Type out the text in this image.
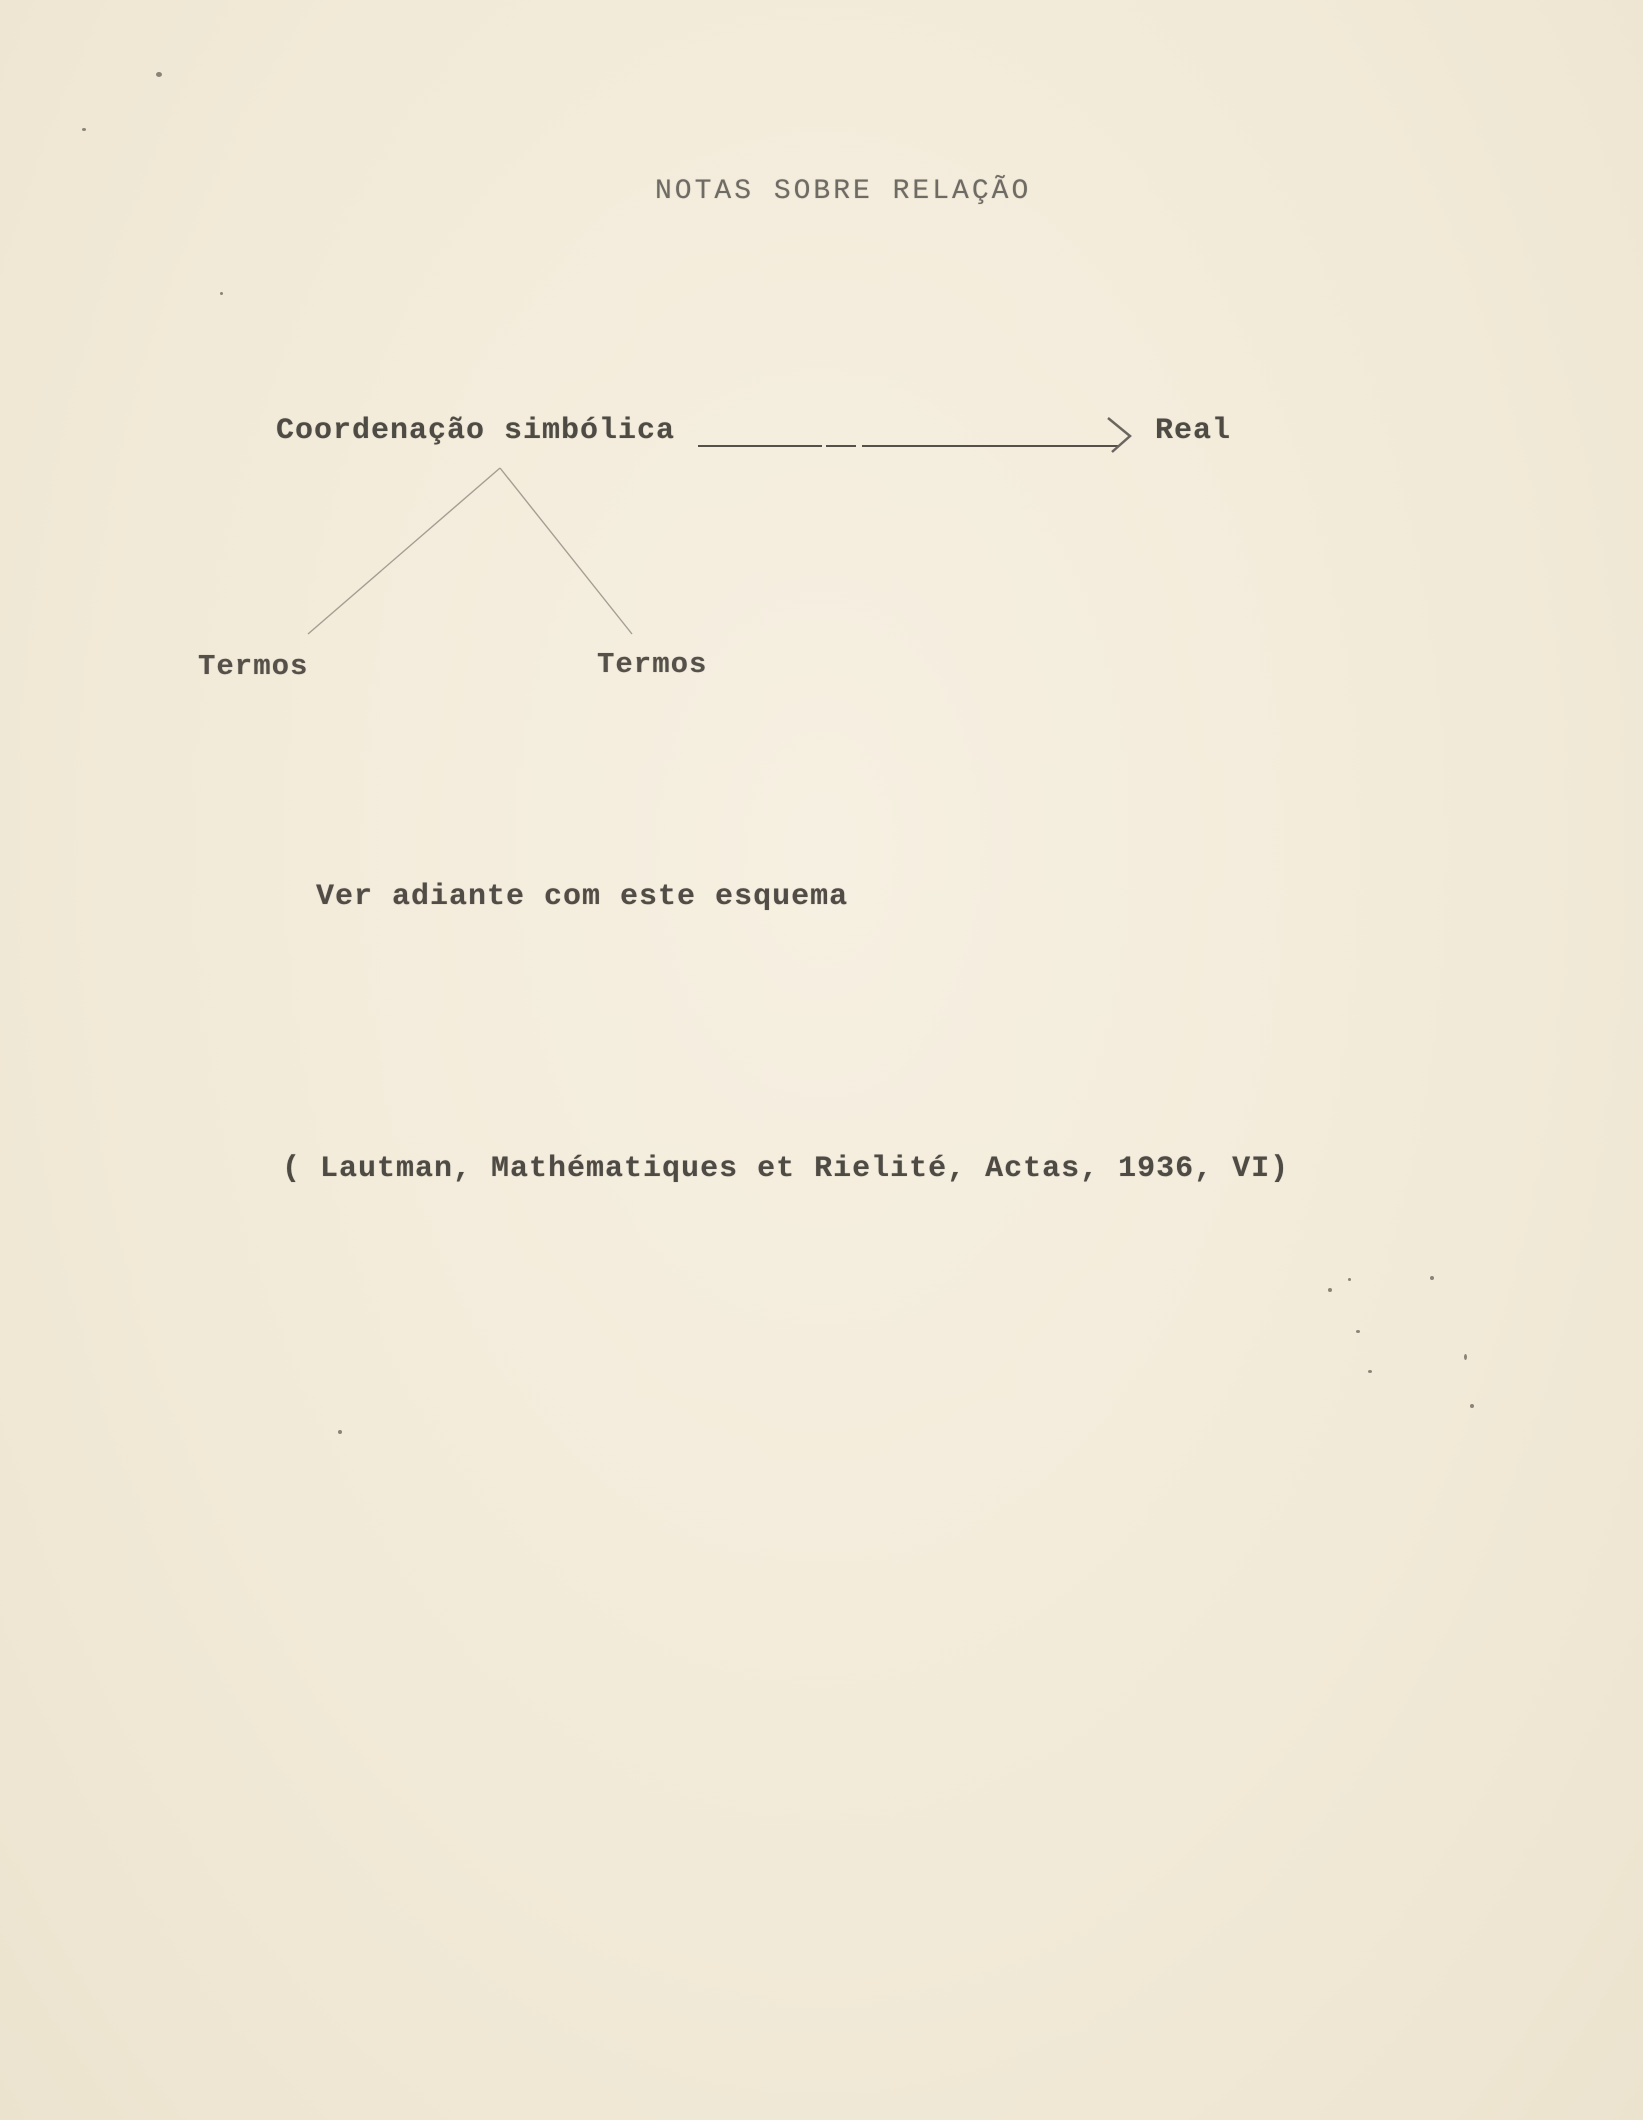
NOTAS SOBRE RELAÇÃO
Coordenação simbólica	Real
Termos	Termos
Ver adiante com este esquema
( Lautman, Mathématiques et Rielité, Actas, 1936, VI)
